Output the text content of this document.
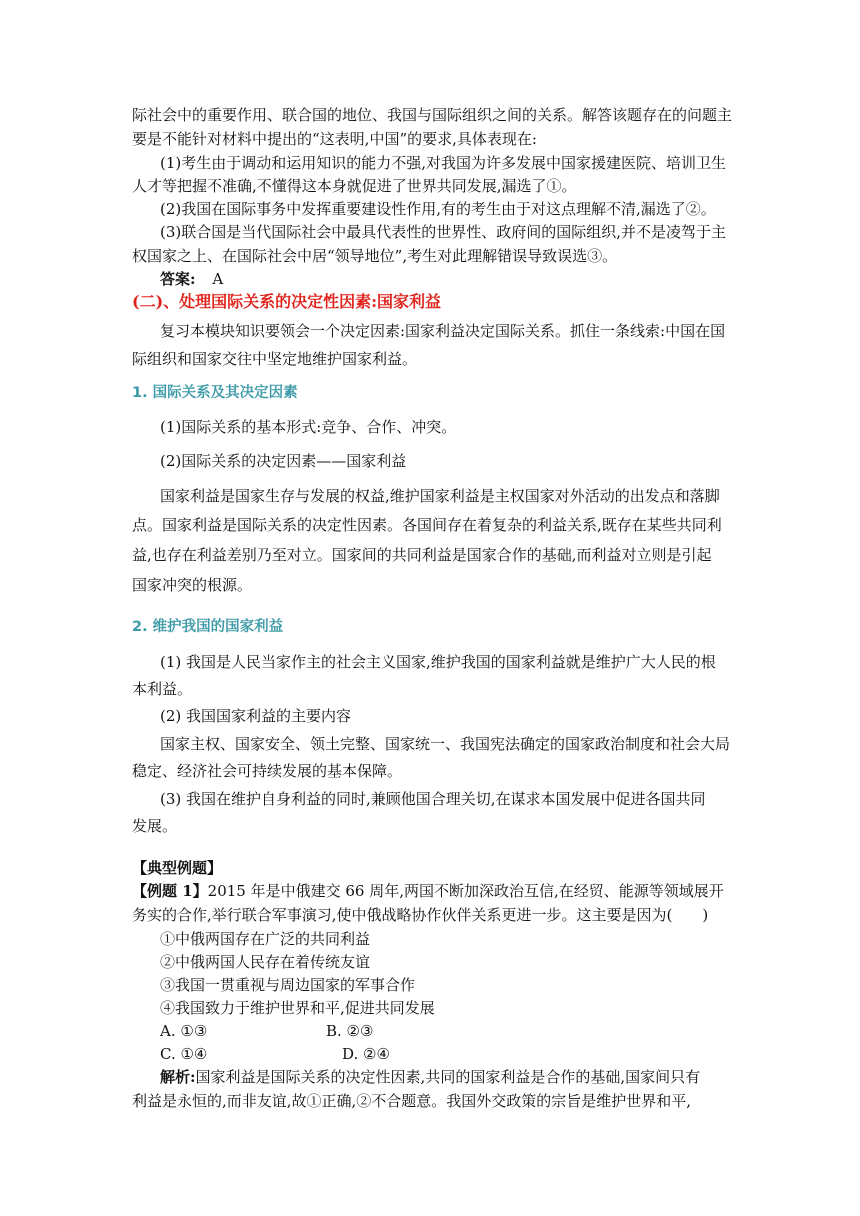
际社会中的重要作用、联合国的地位、我国与国际组织之间的关系。解答该题存在的问题主
要是不能针对材料中提出的“这表明,中国”的要求,具体表现在:
(1)考生由于调动和运用知识的能力不强,对我国为许多发展中国家援建医院、培训卫生
人才等把握不准确,不懂得这本身就促进了世界共同发展,漏选了①。
(2)我国在国际事务中发挥重要建设性作用,有的考生由于对这点理解不清,漏选了②。
(3)联合国是当代国际社会中最具代表性的世界性、政府间的国际组织,并不是凌驾于主
权国家之上、在国际社会中居“领导地位”,考生对此理解错误导致误选③。
答案: A
(二)、处理国际关系的决定性因素:国家利益
复习本模块知识要领会一个决定因素:国家利益决定国际关系。抓住一条线索:中国在国
际组织和国家交往中坚定地维护国家利益。
1. 国际关系及其决定因素
(1)国际关系的基本形式:竞争、合作、冲突。
(2)国际关系的决定因素——国家利益
国家利益是国家生存与发展的权益,维护国家利益是主权国家对外活动的出发点和落脚
点。国家利益是国际关系的决定性因素。各国间存在着复杂的利益关系,既存在某些共同利
益,也存在利益差别乃至对立。国家间的共同利益是国家合作的基础,而利益对立则是引起
国家冲突的根源。
2. 维护我国的国家利益
(1) 我国是人民当家作主的社会主义国家,维护我国的国家利益就是维护广大人民的根
本利益。
(2) 我国国家利益的主要内容
国家主权、国家安全、领土完整、国家统一、我国宪法确定的国家政治制度和社会大局
稳定、经济社会可持续发展的基本保障。
(3) 我国在维护自身利益的同时,兼顾他国合理关切,在谋求本国发展中促进各国共同
发展。
【典型例题】
【例题 1】2015 年是中俄建交 66 周年,两国不断加深政治互信,在经贸、能源等领域展开
务实的合作,举行联合军事演习,使中俄战略协作伙伴关系更进一步。这主要是因为(　　)
①中俄两国存在广泛的共同利益
②中俄两国人民存在着传统友谊
③我国一贯重视与周边国家的军事合作
④我国致力于维护世界和平,促进共同发展
A. ①③	B. ②③
C. ①④	D. ②④
解析:国家利益是国际关系的决定性因素,共同的国家利益是合作的基础,国家间只有
利益是永恒的,而非友谊,故①正确,②不合题意。我国外交政策的宗旨是维护世界和平,
